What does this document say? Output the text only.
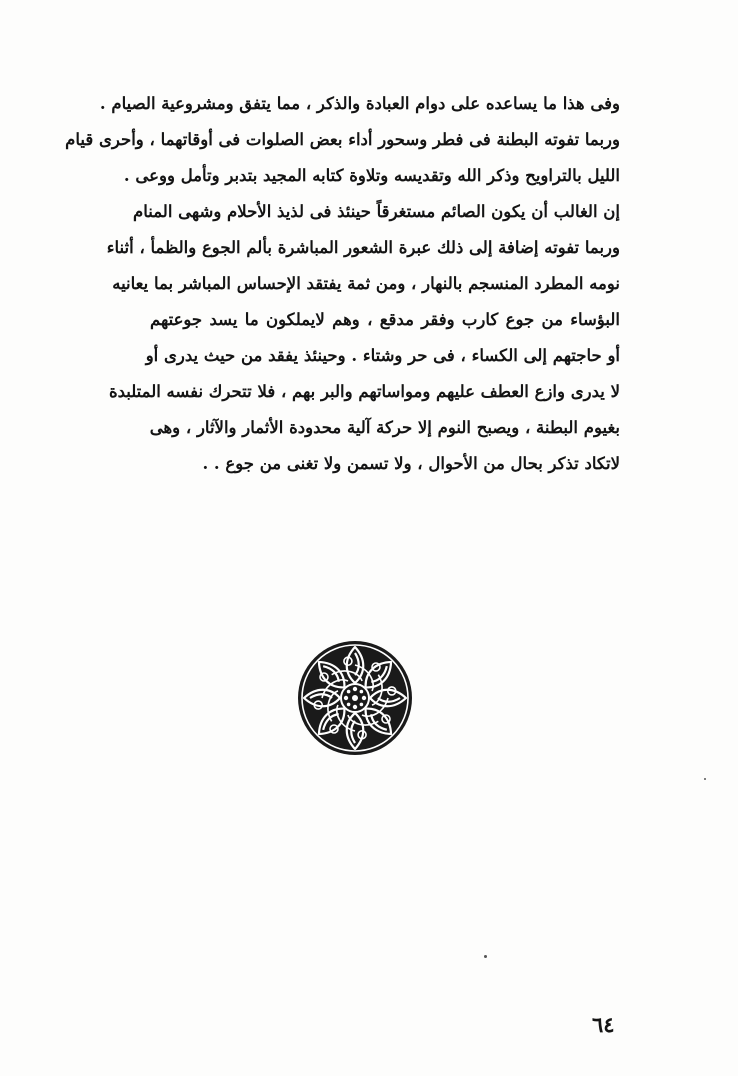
وفى هذا ما يساعده على دوام العبادة والذكر ، مما يتفق ومشروعية الصيام .
وربما تفوته البطنة فى فطر وسحور أداء بعض الصلوات فى أوقاتهما ، وأحرى قيام
الليل بالتراويح وذكر الله وتقديسه وتلاوة كتابه المجيد بتدبر وتأمل ووعى .
إن الغالب أن يكون الصائم مستغرقاً حينئذ فى لذيذ الأحلام وشهى المنام
وربما تفوته إضافة إلى ذلك عبرة الشعور المباشرة بألم الجوع والظمأ ، أثناء
نومه المطرد المنسجم بالنهار ، ومن ثمة يفتقد الإحساس المباشر بما يعانيه
البؤساء من جوع كارب وفقر مدقع ، وهم لايملكون ما يسد جوعتهم
أو حاجتهم إلى الكساء ، فى حر وشتاء . وحينئذ يفقد من حيث يدرى أو
لا يدرى وازع العطف عليهم ومواساتهم والبر بهم ، فلا تتحرك نفسه المتلبدة
بغيوم البطنة ، ويصبح النوم إلا حركة آلية محدودة الأثمار والآثار ، وهى
لاتكاد تذكر بحال من الأحوال ، ولا تسمن ولا تغنى من جوع . .
٦٤
